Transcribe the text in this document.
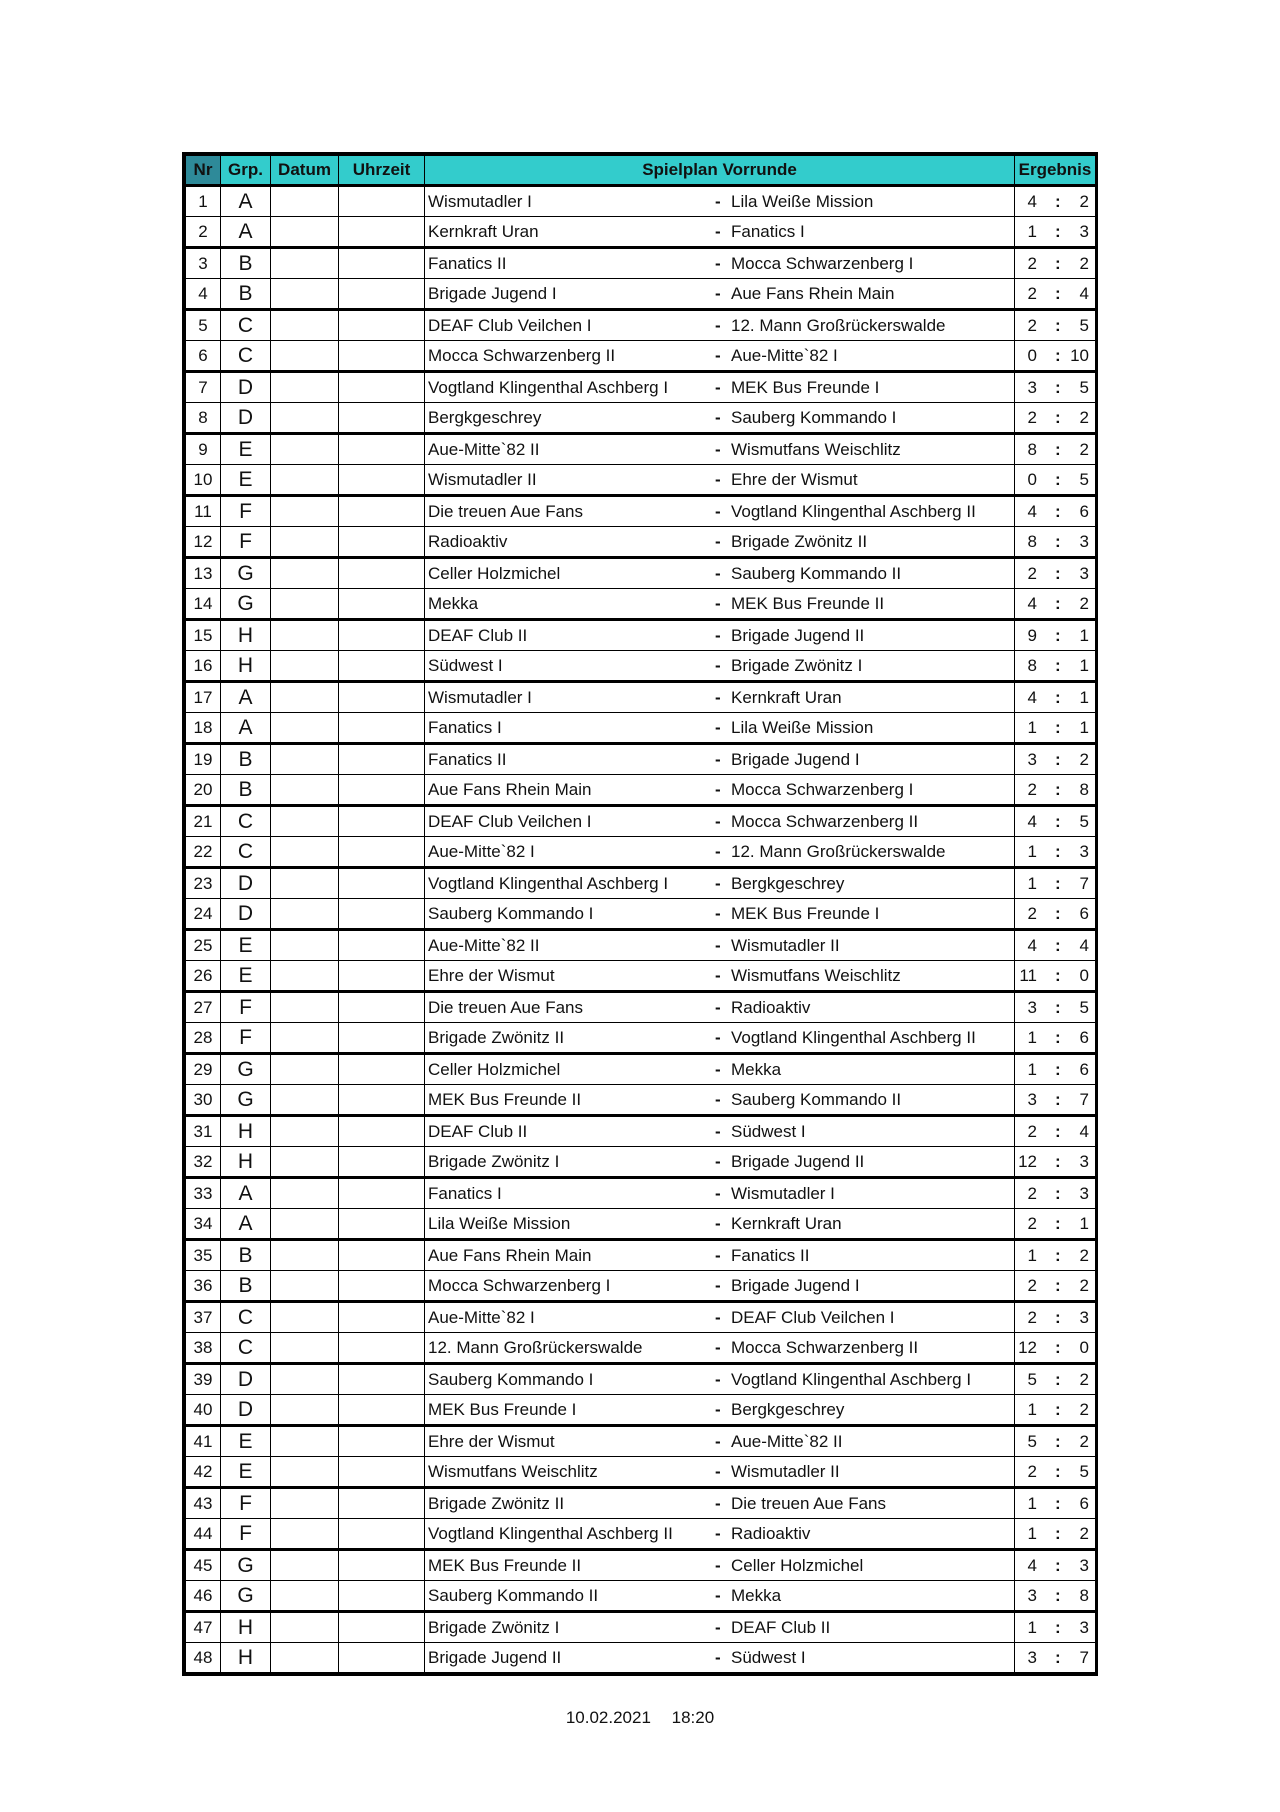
Nr	Grp.	Datum	Uhrzeit	Spielplan Vorrunde	Ergebnis
1	A			Wismutadler I - Lila Weiße Mission	4 : 2

2	A			Kernkraft Uran - Fanatics I	1 : 3

3	B			Fanatics II - Mocca Schwarzenberg I	2 : 2

4	B			Brigade Jugend I - Aue Fans Rhein Main	2 : 4

5	C			DEAF Club Veilchen I - 12. Mann Großrückerswalde	2 : 5

6	C			Mocca Schwarzenberg II - Aue-Mitte`82 I	0 : 10

7	D			Vogtland Klingenthal Aschberg I - MEK Bus Freunde I	3 : 5

8	D			Bergkgeschrey - Sauberg Kommando I	2 : 2

9	E			Aue-Mitte`82 II - Wismutfans Weischlitz	8 : 2

10	E			Wismutadler II - Ehre der Wismut	0 : 5

11	F			Die treuen Aue Fans - Vogtland Klingenthal Aschberg II	4 : 6

12	F			Radioaktiv - Brigade Zwönitz II	8 : 3

13	G			Celler Holzmichel - Sauberg Kommando II	2 : 3

14	G			Mekka - MEK Bus Freunde II	4 : 2

15	H			DEAF Club II - Brigade Jugend II	9 : 1

16	H			Südwest I - Brigade Zwönitz I	8 : 1

17	A			Wismutadler I - Kernkraft Uran	4 : 1

18	A			Fanatics I - Lila Weiße Mission	1 : 1

19	B			Fanatics II - Brigade Jugend I	3 : 2

20	B			Aue Fans Rhein Main - Mocca Schwarzenberg I	2 : 8

21	C			DEAF Club Veilchen I - Mocca Schwarzenberg II	4 : 5

22	C			Aue-Mitte`82 I - 12. Mann Großrückerswalde	1 : 3

23	D			Vogtland Klingenthal Aschberg I - Bergkgeschrey	1 : 7

24	D			Sauberg Kommando I - MEK Bus Freunde I	2 : 6

25	E			Aue-Mitte`82 II - Wismutadler II	4 : 4

26	E			Ehre der Wismut - Wismutfans Weischlitz	11 : 0

27	F			Die treuen Aue Fans - Radioaktiv	3 : 5

28	F			Brigade Zwönitz II - Vogtland Klingenthal Aschberg II	1 : 6

29	G			Celler Holzmichel - Mekka	1 : 6

30	G			MEK Bus Freunde II - Sauberg Kommando II	3 : 7

31	H			DEAF Club II - Südwest I	2 : 4

32	H			Brigade Zwönitz I - Brigade Jugend II	12 : 3

33	A			Fanatics I - Wismutadler I	2 : 3

34	A			Lila Weiße Mission - Kernkraft Uran	2 : 1

35	B			Aue Fans Rhein Main - Fanatics II	1 : 2

36	B			Mocca Schwarzenberg I - Brigade Jugend I	2 : 2

37	C			Aue-Mitte`82 I - DEAF Club Veilchen I	2 : 3

38	C			12. Mann Großrückerswalde - Mocca Schwarzenberg II	12 : 0

39	D			Sauberg Kommando I - Vogtland Klingenthal Aschberg I	5 : 2

40	D			MEK Bus Freunde I - Bergkgeschrey	1 : 2

41	E			Ehre der Wismut - Aue-Mitte`82 II	5 : 2

42	E			Wismutfans Weischlitz - Wismutadler II	2 : 5

43	F			Brigade Zwönitz II - Die treuen Aue Fans	1 : 6

44	F			Vogtland Klingenthal Aschberg II - Radioaktiv	1 : 2

45	G			MEK Bus Freunde II - Celler Holzmichel	4 : 3

46	G			Sauberg Kommando II - Mekka	3 : 8

47	H			Brigade Zwönitz I - DEAF Club II	1 : 3

48	H			Brigade Jugend II - Südwest I	3 : 7
10.02.2021 18:20
